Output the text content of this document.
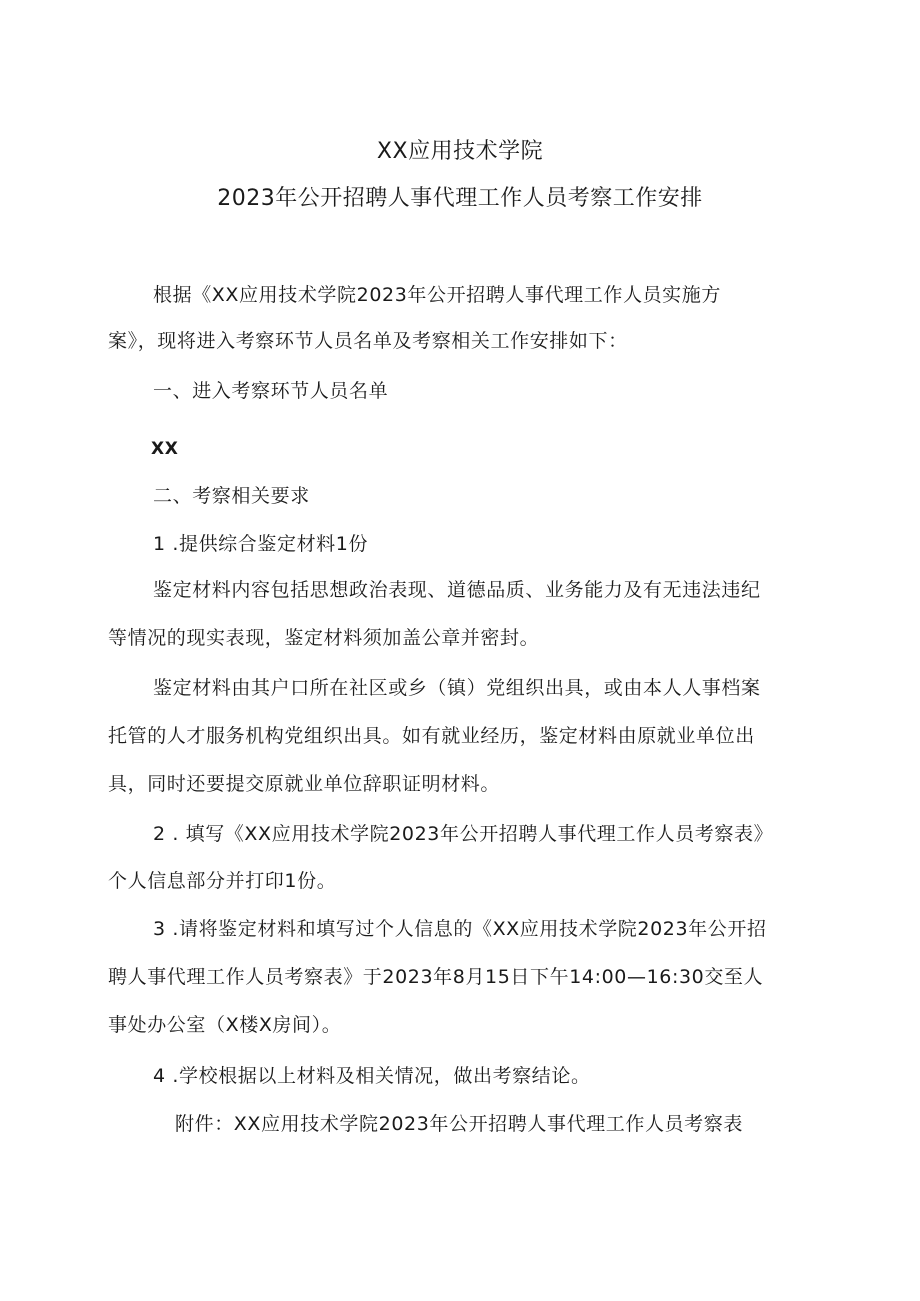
XX应用技术学院
2023年公开招聘人事代理工作人员考察工作安排
根据《XX应用技术学院2023年公开招聘人事代理工作人员实施方
案》，现将进入考察环节人员名单及考察相关工作安排如下：
一、进入考察环节人员名单
XX
二、考察相关要求
1 .提供综合鉴定材料1份
鉴定材料内容包括思想政治表现、道德品质、业务能力及有无违法违纪
等情况的现实表现，鉴定材料须加盖公章并密封。
鉴定材料由其户口所在社区或乡（镇）党组织出具，或由本人人事档案
托管的人才服务机构党组织出具。如有就业经历，鉴定材料由原就业单位出
具，同时还要提交原就业单位辞职证明材料。
2 . 填写《XX应用技术学院2023年公开招聘人事代理工作人员考察表》
个人信息部分并打印1份。
3 .请将鉴定材料和填写过个人信息的《XX应用技术学院2023年公开招
聘人事代理工作人员考察表》于2023年8月15日下午14:00—16:30交至人
事处办公室（X楼X房间）。
4 .学校根据以上材料及相关情况，做出考察结论。
附件：XX应用技术学院2023年公开招聘人事代理工作人员考察表
